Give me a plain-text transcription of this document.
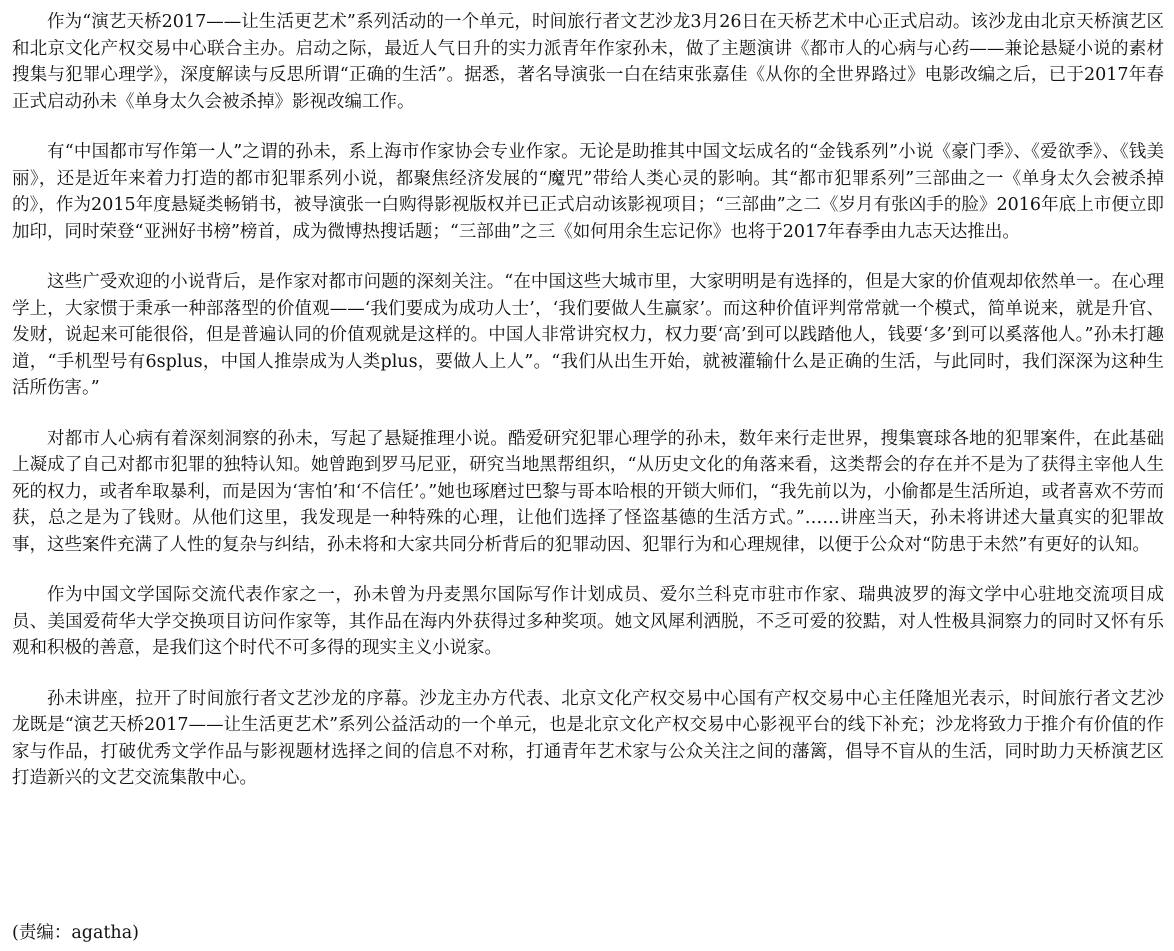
作为“演艺天桥2017——让生活更艺术”系列活动的一个单元，时间旅行者文艺沙龙3月26日在天桥艺术中心正式启动。该沙龙由北京天桥演艺区和北京文化产权交易中心联合主办。启动之际，最近人气日升的实力派青年作家孙未，做了主题演讲《都市人的心病与心药——兼论悬疑小说的素材搜集与犯罪心理学》，深度解读与反思所谓“正确的生活”。据悉，著名导演张一白在结束张嘉佳《从你的全世界路过》电影改编之后，已于2017年春正式启动孙未《单身太久会被杀掉》影视改编工作。

有“中国都市写作第一人”之谓的孙未，系上海市作家协会专业作家。无论是助推其中国文坛成名的“金钱系列”小说《豪门季》、《爱欲季》、《钱美丽》，还是近年来着力打造的都市犯罪系列小说，都聚焦经济发展的“魔咒”带给人类心灵的影响。其“都市犯罪系列”三部曲之一《单身太久会被杀掉的》，作为2015年度悬疑类畅销书，被导演张一白购得影视版权并已正式启动该影视项目；“三部曲”之二《岁月有张凶手的脸》2016年底上市便立即加印，同时荣登“亚洲好书榜”榜首，成为微博热搜话题；“三部曲”之三《如何用余生忘记你》也将于2017年春季由九志天达推出。

这些广受欢迎的小说背后，是作家对都市问题的深刻关注。“在中国这些大城市里，大家明明是有选择的，但是大家的价值观却依然单一。在心理学上，大家惯于秉承一种部落型的价值观——‘我们要成为成功人士’，‘我们要做人生赢家’。而这种价值评判常常就一个模式，简单说来，就是升官、发财，说起来可能很俗，但是普遍认同的价值观就是这样的。中国人非常讲究权力，权力要‘高’到可以践踏他人，钱要‘多’到可以奚落他人。”孙未打趣道，“手机型号有6splus，中国人推崇成为人类plus，要做人上人”。“我们从出生开始，就被灌输什么是正确的生活，与此同时，我们深深为这种生活所伤害。”

对都市人心病有着深刻洞察的孙未，写起了悬疑推理小说。酷爱研究犯罪心理学的孙未，数年来行走世界，搜集寰球各地的犯罪案件，在此基础上凝成了自己对都市犯罪的独特认知。她曾跑到罗马尼亚，研究当地黑帮组织，“从历史文化的角落来看，这类帮会的存在并不是为了获得主宰他人生死的权力，或者牟取暴利，而是因为‘害怕’和‘不信任’。”她也琢磨过巴黎与哥本哈根的开锁大师们，“我先前以为，小偷都是生活所迫，或者喜欢不劳而获，总之是为了钱财。从他们这里，我发现是一种特殊的心理，让他们选择了怪盗基德的生活方式。”……讲座当天，孙未将讲述大量真实的犯罪故事，这些案件充满了人性的复杂与纠结，孙未将和大家共同分析背后的犯罪动因、犯罪行为和心理规律，以便于公众对“防患于未然”有更好的认知。

作为中国文学国际交流代表作家之一，孙未曾为丹麦黑尔国际写作计划成员、爱尔兰科克市驻市作家、瑞典波罗的海文学中心驻地交流项目成员、美国爱荷华大学交换项目访问作家等，其作品在海内外获得过多种奖项。她文风犀利洒脱，不乏可爱的狡黠，对人性极具洞察力的同时又怀有乐观和积极的善意，是我们这个时代不可多得的现实主义小说家。

孙未讲座，拉开了时间旅行者文艺沙龙的序幕。沙龙主办方代表、北京文化产权交易中心国有产权交易中心主任隆旭光表示，时间旅行者文艺沙龙既是“演艺天桥2017——让生活更艺术”系列公益活动的一个单元，也是北京文化产权交易中心影视平台的线下补充；沙龙将致力于推介有价值的作家与作品，打破优秀文学作品与影视题材选择之间的信息不对称，打通青年艺术家与公众关注之间的藩篱，倡导不盲从的生活，同时助力天桥演艺区打造新兴的文艺交流集散中心。

(责编：agatha)
